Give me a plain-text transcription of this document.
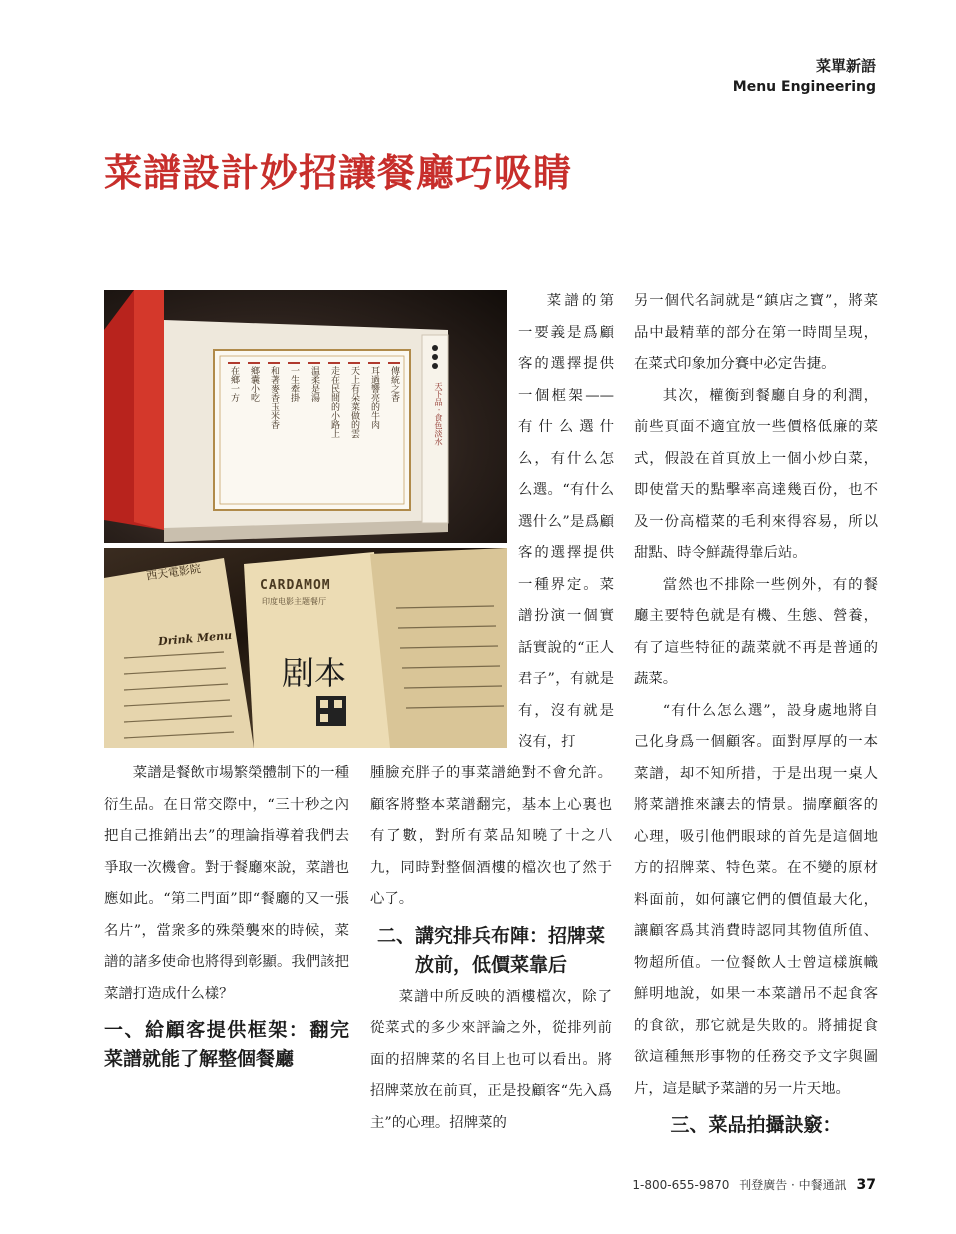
菜單新語
Menu Engineering
菜譜設計妙招讓餐廳巧吸睛
天下品 · 食色淡水
傳統之香
耳過響亮的牛肉
天上有朵菜做的雲
走在民間的小路上
温柔是湯
一生牽掛
和著麥香玉米香
鄉囊小吃
在鄉一方
CARDAMOM
印度电影主题餐厅
剧本
西天電影院
Drink Menu

菜譜的第一要義是爲顧客的選擇提供一個框架——有什么選什么，有什么怎么選。“有什么選什么”是爲顧客的選擇提供一種界定。菜譜扮演一個實話實說的“正人君子”，有就是有，沒有就是沒有，打

菜譜是餐飲市場繁榮體制下的一種衍生品。在日常交際中，“三十秒之內把自己推銷出去”的理論指導着我們去爭取一次機會。對于餐廳來說，菜譜也應如此。“第二門面”即“餐廳的又一張名片”，當衆多的殊榮襲來的時候，菜譜的諸多使命也將得到彰顯。我們該把菜譜打造成什么樣？

一、給顧客提供框架：翻完菜譜就能了解整個餐廳

腫臉充胖子的事菜譜絶對不會允許。顧客將整本菜譜翻完，基本上心裏也有了數，對所有菜品知曉了十之八九，同時對整個酒樓的檔次也了然于心了。

二、講究排兵布陣：招牌菜放前，低價菜靠后

菜譜中所反映的酒樓檔次，除了從菜式的多少來評論之外，從排列前面的招牌菜的名目上也可以看出。將招牌菜放在前頁，正是投顧客“先入爲主”的心理。招牌菜的

另一個代名詞就是“鎮店之寶”，將菜品中最精華的部分在第一時間呈現，在菜式印象加分賽中必定告捷。

其次，權衡到餐廳自身的利潤，前些頁面不適宜放一些價格低廉的菜式，假設在首頁放上一個小炒白菜，即使當天的點擊率高達幾百份，也不及一份高檔菜的毛利來得容易，所以甜點、時令鮮蔬得靠后站。

當然也不排除一些例外，有的餐廳主要特色就是有機、生態、營養，有了這些特征的蔬菜就不再是普通的蔬菜。

“有什么怎么選”，設身處地將自己化身爲一個顧客。面對厚厚的一本菜譜，却不知所措，于是出現一桌人將菜譜推來讓去的情景。揣摩顧客的心理，吸引他們眼球的首先是這個地方的招牌菜、特色菜。在不變的原材料面前，如何讓它們的價值最大化，讓顧客爲其消費時認同其物值所值、物超所值。一位餐飲人士曾這樣旗幟鮮明地說，如果一本菜譜吊不起食客的食欲，那它就是失敗的。將捕捉食欲這種無形事物的任務交予文字與圖片，這是賦予菜譜的另一片天地。

三、菜品拍攝訣竅：
1-800-655-9870 刊登廣告 · 中餐通訊 37
